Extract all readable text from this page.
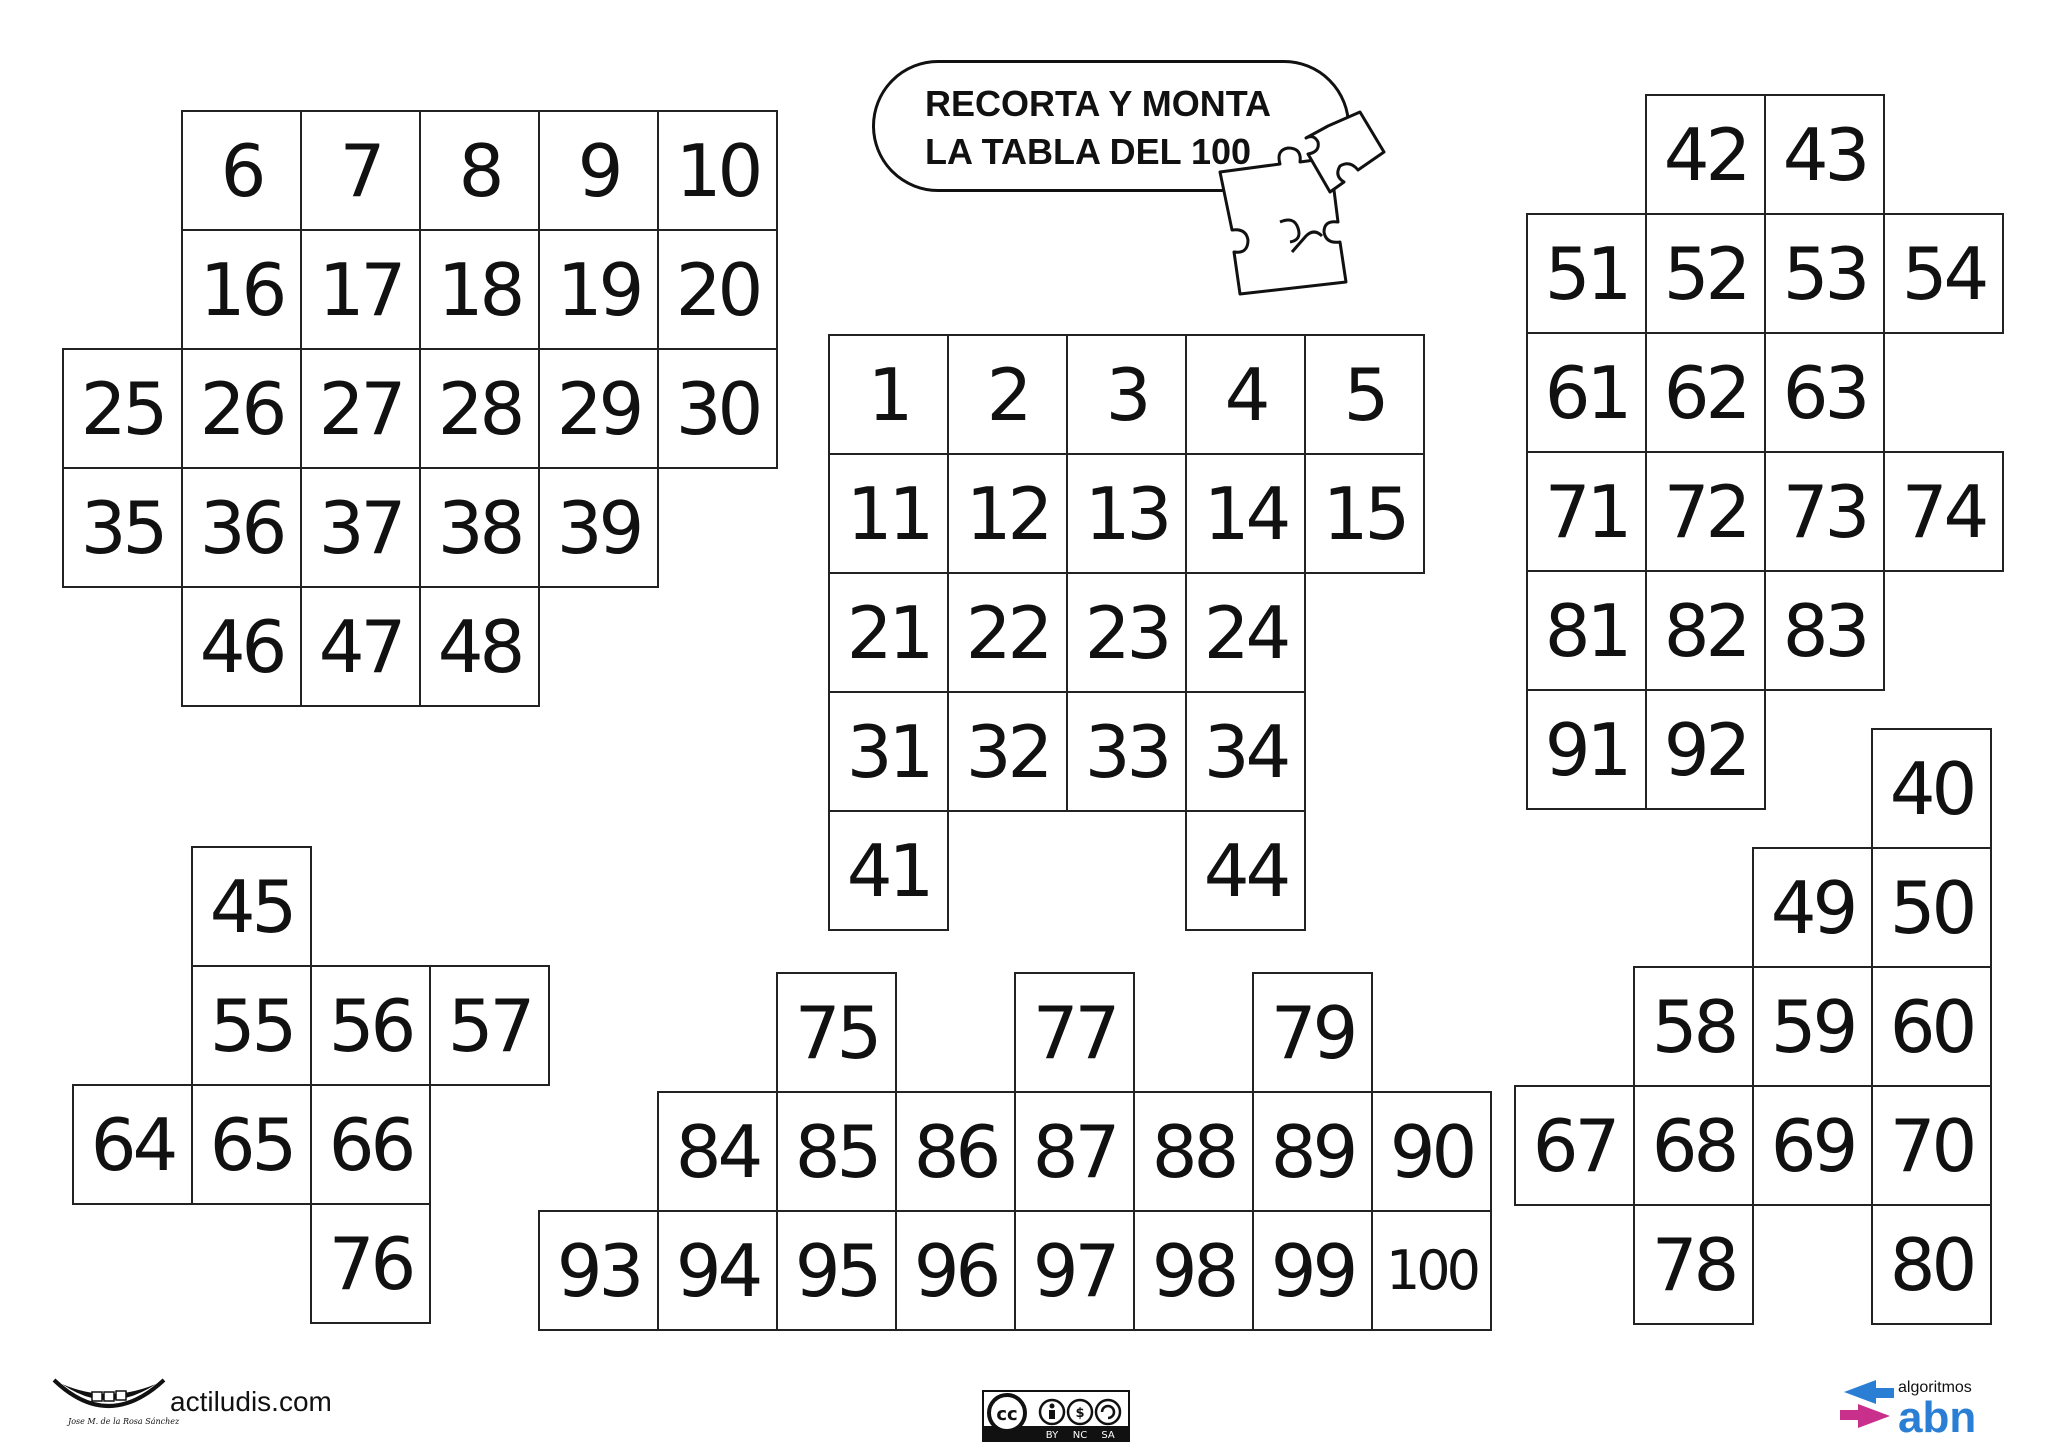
RECORTA Y MONTA
LA TABLA DEL 100
6	7	8	9 10
16 17 18 19 20
25 26 27 28 29 30
35 36 37 38 39
46 47 48
1	2	3	4	5
11 12 13 14 15
21 22 23 24
31 32 33 34
41	44
42 43
51 52 53 54
61 62 63
71 72 73 74
81 82 83
91 92
45
55 56 57
64 65 66
76
75 77 79
84 85 86 87 88 89 90
93 94 95 96 97 98 99 100
40
49 50
58 59 60
67 68 69 70
78 80
Jose M. de la Rosa Sánchez
actiludis.com	cc	$
BY NC SA
algoritmos
abn
